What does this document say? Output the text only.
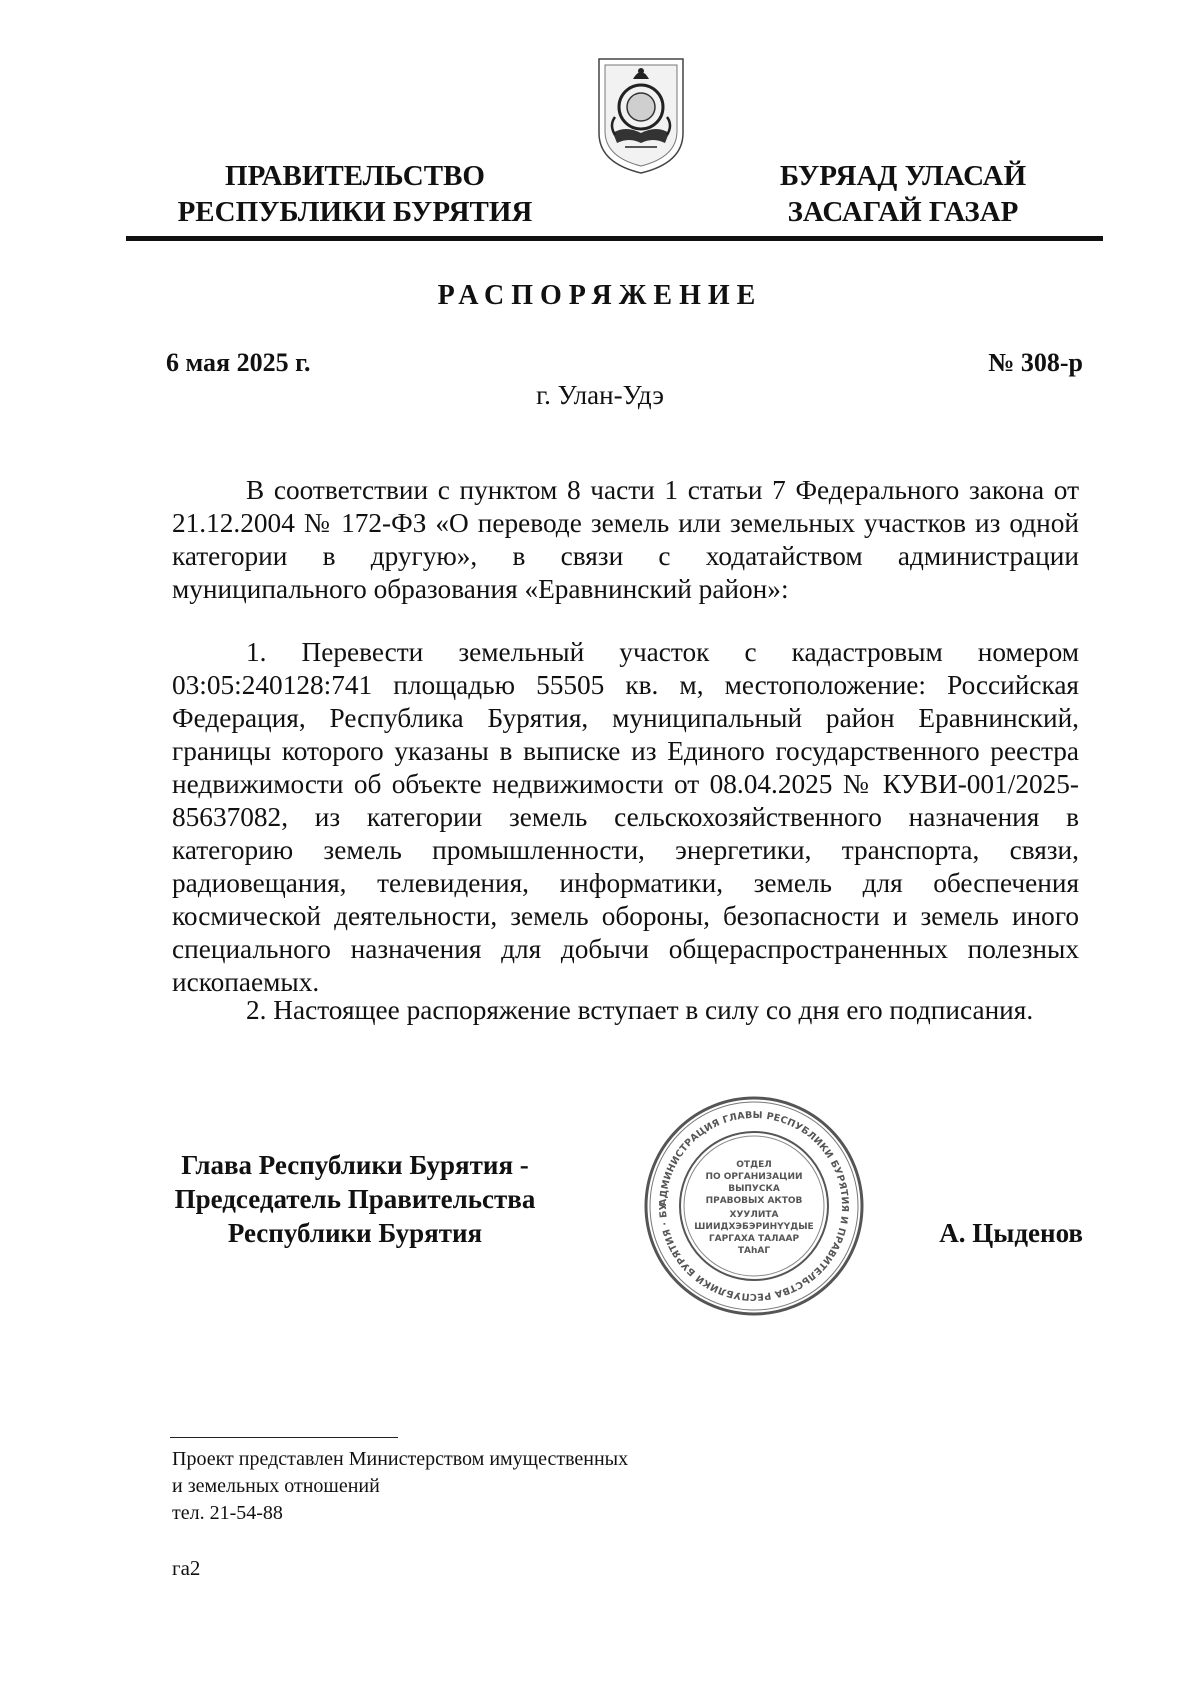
ПРАВИТЕЛЬСТВО
РЕСПУБЛИКИ БУРЯТИЯ
БУРЯАД УЛАСАЙ
ЗАСАГАЙ ГАЗАР
РАСПОРЯЖЕНИЕ
6 мая 2025 г.	№ 308-р
г. Улан-Удэ
В соответствии с пунктом 8 части 1 статьи 7 Федерального закона от 21.12.2004 № 172-ФЗ «О переводе земель или земельных участков из одной категории в другую», в связи с ходатайством администрации муниципального образования «Еравнинский район»:
1. Перевести земельный участок с кадастровым номером 03:05:240128:741 площадью 55505 кв. м, местоположение: Российская Федерация, Республика Бурятия, муниципальный район Еравнинский, границы которого указаны в выписке из Единого государственного реестра недвижимости об объекте недвижимости от 08.04.2025 № КУВИ-001/2025-85637082, из категории земель сельскохозяйственного назначения в категорию земель промышленности, энергетики, транспорта, связи, радиовещания, телевидения, информатики, земель для обеспечения космической деятельности, земель обороны, безопасности и земель иного специального назначения для добычи общераспространенных полезных ископаемых.
2. Настоящее распоряжение вступает в силу со дня его подписания.
Глава Республики Бурятия -
Председатель Правительства
Республики Бурятия
АДМИНИСТРАЦИЯ ГЛАВЫ РЕСПУБЛИКИ БУРЯТИЯ И ПРАВИТЕЛЬСТВА РЕСПУБЛИКИ БУРЯТИЯ · БУ
ОТДЕЛ
ПО ОРГАНИЗАЦИИ
ВЫПУСКА
ПРАВОВЫХ АКТОВ
ХУУЛИТА
ШИИДХЭБЭРИНҮҮДЫЕ
ГАРГАХА ТАЛААР
ТАһАГ
А. Цыденов
Проект представлен Министерством имущественных
и земельных отношений
тел. 21-54-88
га2
